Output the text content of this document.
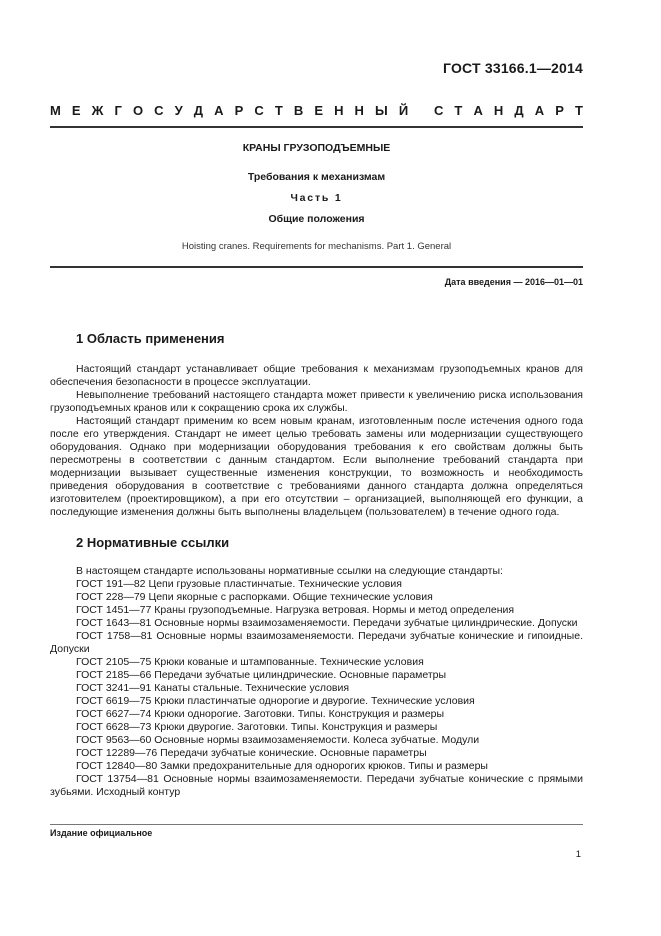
ГОСТ 33166.1—2014
М Е Ж Г О С У Д А Р С Т В Е Н Н Ы Й
С Т А Н Д А Р Т
КРАНЫ ГРУЗОПОДЪЕМНЫЕ
Требования к механизмам
Часть 1
Общие положения
Hoisting cranes. Requirements for mechanisms. Part 1. General
Дата введения — 2016—01—01
1 Область применения

Настоящий стандарт устанавливает общие требования к механизмам грузоподъемных кранов для обеспечения безопасности в процессе эксплуатации.

Невыполнение требований настоящего стандарта может привести к увеличению риска использования грузоподъемных кранов или к сокращению срока их службы.

Настоящий стандарт применим ко всем новым кранам, изготовленным после истечения одного года после его утверждения. Стандарт не имеет целью требовать замены или модернизации существующего оборудования. Однако при модернизации оборудования требования к его свойствам должны быть пересмотрены в соответствии с данным стандартом. Если выполнение требований стандарта при модернизации вызывает существенные изменения конструкции, то возможность и необходимость приведения оборудования в соответствие с требованиями данного стандарта должна определяться изготовителем (проектировщиком), а при его отсутствии – организацией, выполняющей его функции, а последующие изменения должны быть выполнены владельцем (пользователем) в течение одного года.

2 Нормативные ссылки

В настоящем стандарте использованы нормативные ссылки на следующие стандарты:

ГОСТ 191—82 Цепи грузовые пластинчатые. Технические условия

ГОСТ 228—79 Цепи якорные с распорками. Общие технические условия

ГОСТ 1451—77 Краны грузоподъемные. Нагрузка ветровая. Нормы и метод определения

ГОСТ 1643—81 Основные нормы взаимозаменяемости. Передачи зубчатые цилиндрические. Допуски

ГОСТ 1758—81 Основные нормы взаимозаменяемости. Передачи зубчатые конические и гипоидные. Допуски

ГОСТ 2105—75 Крюки кованые и штампованные. Технические условия

ГОСТ 2185—66 Передачи зубчатые цилиндрические. Основные параметры

ГОСТ 3241—91 Канаты стальные. Технические условия

ГОСТ 6619—75 Крюки пластинчатые однорогие и двурогие. Технические условия

ГОСТ 6627—74 Крюки однорогие. Заготовки. Типы. Конструкция и размеры

ГОСТ 6628—73 Крюки двурогие. Заготовки. Типы. Конструкция и размеры

ГОСТ 9563—60 Основные нормы взаимозаменяемости. Колеса зубчатые. Модули

ГОСТ 12289—76 Передачи зубчатые конические. Основные параметры

ГОСТ 12840—80 Замки предохранительные для однорогих крюков. Типы и размеры

ГОСТ 13754—81 Основные нормы взаимозаменяемости. Передачи зубчатые конические с прямыми зубьями. Исходный контур

Издание официальное
1
